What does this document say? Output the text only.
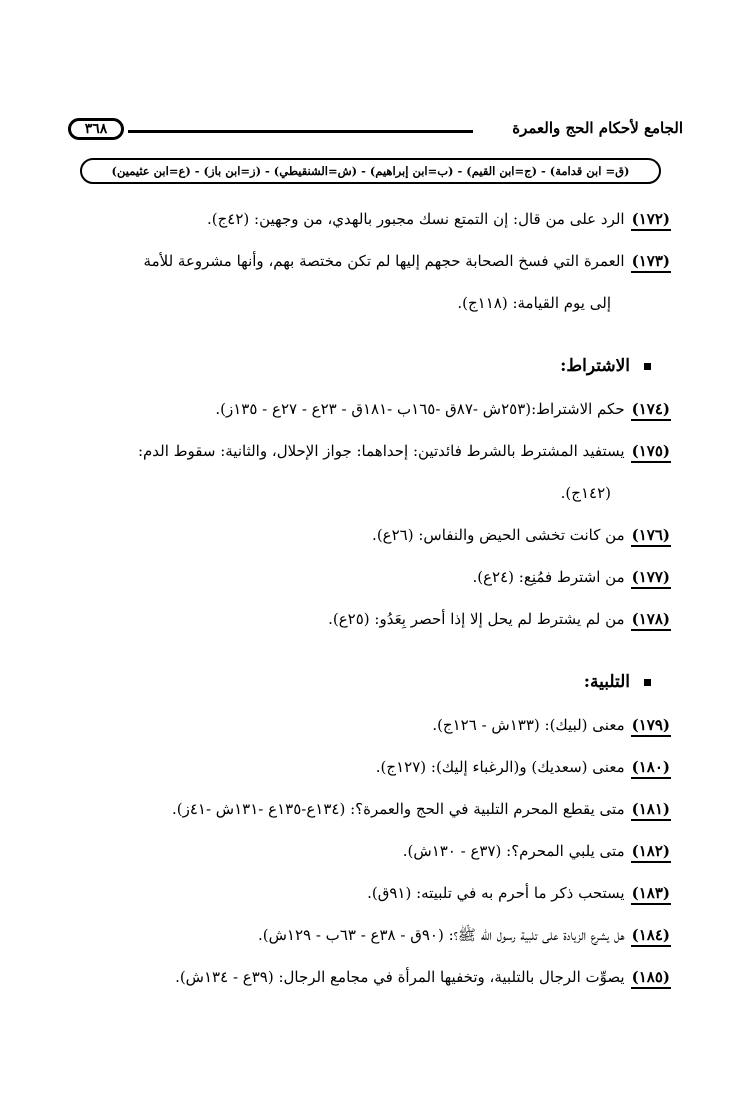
الجامع لأحكام الحج والعمرة
٣٦٨
(ق= ابن قدامة) - (ج=ابن القيم) - (ب=ابن إبراهيم) - (ش=الشنقيطي) - (ز=ابن باز) - (ع=ابن عثيمين)
(١٧٢)الرد على من قال: إن التمتع نسك مجبور بالهدي، من وجهين: (٤٢ج).
(١٧٣)العمرة التي فسخ الصحابة حجهم إليها لم تكن مختصة بهم، وأنها مشروعة للأمة
إلى يوم القيامة: (١١٨ج).
الاشتراط:
(١٧٤)حكم الاشتراط:(٢٥٣ش -٨٧ق -١٦٥ب -١٨١ق - ٢٣ع - ٢٧ع - ١٣٥ز).
(١٧٥)يستفيد المشترط بالشرط فائدتين: إحداهما: جواز الإحلال، والثانية: سقوط الدم:
(١٤٢ج).
(١٧٦)من كانت تخشى الحيض والنفاس: (٢٦ع).
(١٧٧)من اشترط فمُنِع: (٢٤ع).
(١٧٨)من لم يشترط لم يحل إلا إذا أحصر بِعَدُو: (٢٥ع).
التلبية:
(١٧٩)معنى (لبيك): (١٣٣ش - ١٢٦ج).
(١٨٠)معنى (سعديك) و(الرغباء إليك): (١٢٧ج).
(١٨١)متى يقطع المحرم التلبية في الحج والعمرة؟: (١٣٤ع-١٣٥ع -١٣١ش -٤١ز).
(١٨٢)متى يلبي المحرم؟: (٣٧ع - ١٣٠ش).
(١٨٣)يستحب ذكر ما أحرم به في تلبيته: (٩١ق).
(١٨٤)هل يشرع الزيادة على تلبية رسول الله ﷺ؟: (٩٠ق - ٣٨ع - ٦٣ب - ١٢٩ش).
(١٨٥)يصوِّت الرجال بالتلبية، وتخفيها المرأة في مجامع الرجال: (٣٩ع - ١٣٤ش).
